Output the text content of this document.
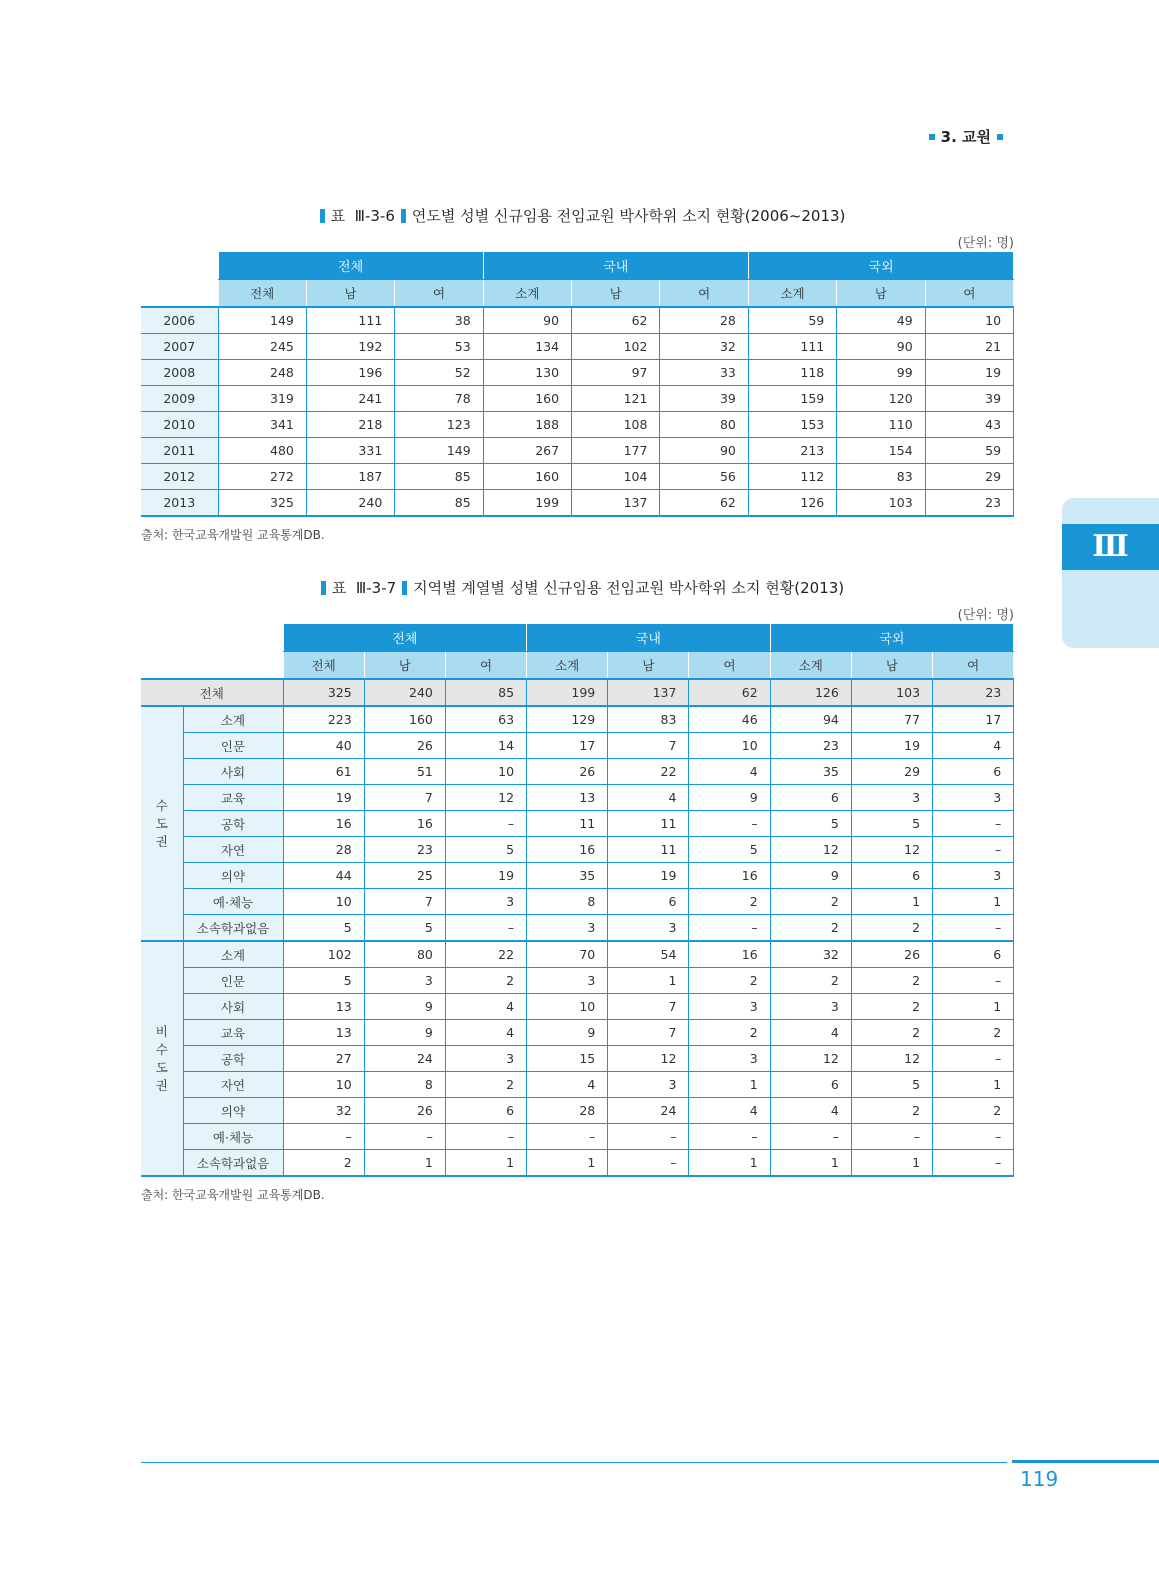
3. 교원
Ⅲ
표 Ⅲ-3-6 연도별 성별 신규임용 전임교원 박사학위 소지 현황(2006~2013)
(단위: 명)
	전체			국내			국외		
	전체	남	여	소계	남	여	소계	남	여
2006	149	111	38	90	62	28	59	49	10
2007	245	192	53	134	102	32	111	90	21
2008	248	196	52	130	97	33	118	99	19
2009	319	241	78	160	121	39	159	120	39
2010	341	218	123	188	108	80	153	110	43
2011	480	331	149	267	177	90	213	154	59
2012	272	187	85	160	104	56	112	83	29
2013	325	240	85	199	137	62	126	103	23
출처: 한국교육개발원 교육통계DB.
표 Ⅲ-3-7 지역별 계열별 성별 신규임용 전임교원 박사학위 소지 현황(2013)
(단위: 명)
		전체			국내			국외		
		전체	남	여	소계	남	여	소계	남	여
전체		325	240	85	199	137	62	126	103	23

수
도
권	소계	223	160	63	129	83	46	94	77	17
	인문	40	26	14	17	7	10	23	19	4
	사회	61	51	10	26	22	4	35	29	6
	교육	19	7	12	13	4	9	6	3	3
	공학	16	16	–	11	11	–	5	5	–
	자연	28	23	5	16	11	5	12	12	–
	의약	44	25	19	35	19	16	9	6	3
	예·체능	10	7	3	8	6	2	2	1	1
	소속학과없음	5	5	–	3	3	–	2	2	–

비
수
도
권	소계	102	80	22	70	54	16	32	26	6
	인문	5	3	2	3	1	2	2	2	–
	사회	13	9	4	10	7	3	3	2	1
	교육	13	9	4	9	7	2	4	2	2
	공학	27	24	3	15	12	3	12	12	–
	자연	10	8	2	4	3	1	6	5	1
	의약	32	26	6	28	24	4	4	2	2
	예·체능	–	–	–	–	–	–	–	–	–
	소속학과없음	2	1	1	1	–	1	1	1	–
출처: 한국교육개발원 교육통계DB.
119
